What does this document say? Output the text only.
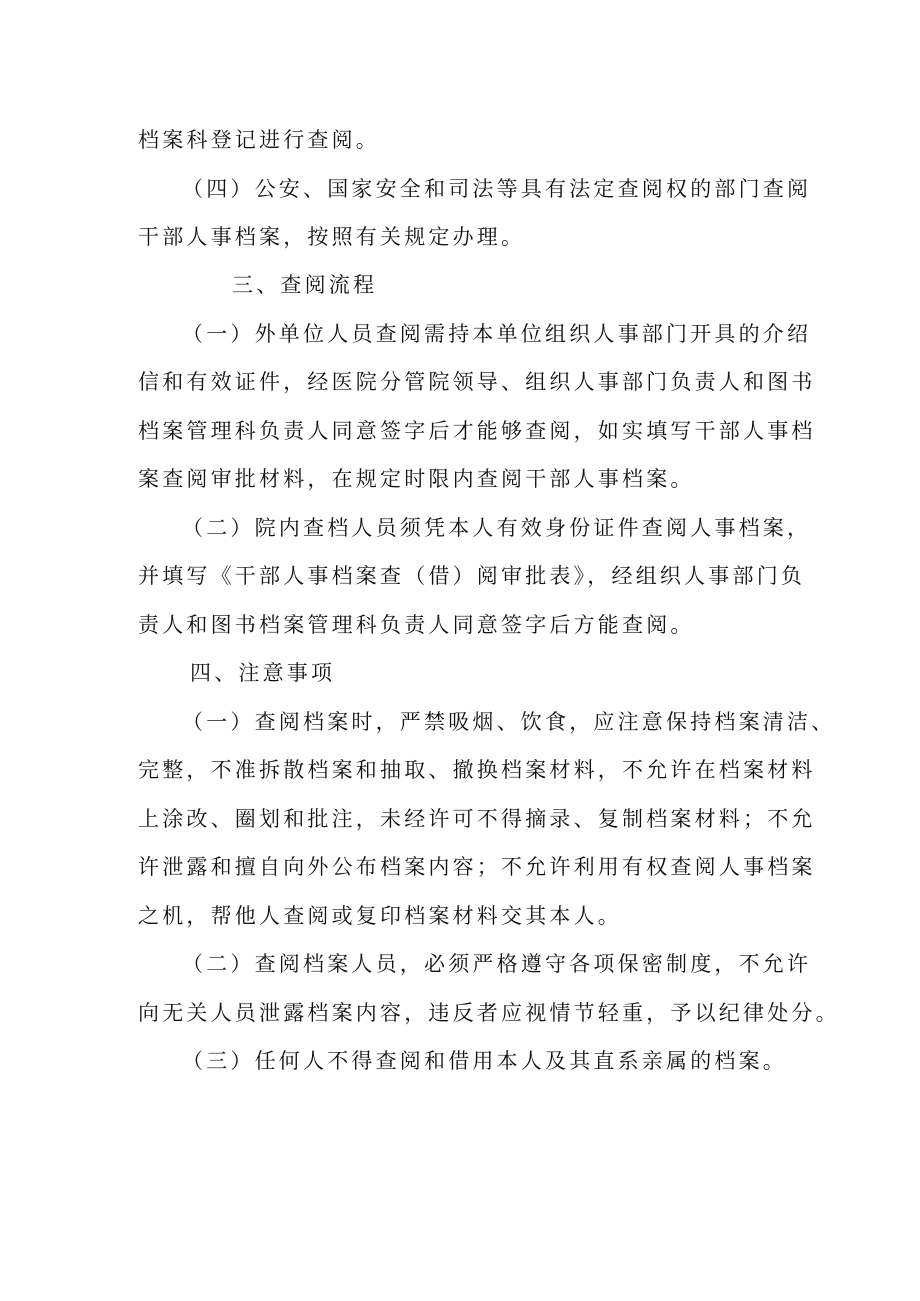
档案科登记进行查阅。
（四）公安、国家安全和司法等具有法定查阅权的部门查阅
干部人事档案，按照有关规定办理。
三、查阅流程
（一）外单位人员查阅需持本单位组织人事部门开具的介绍
信和有效证件，经医院分管院领导、组织人事部门负责人和图书
档案管理科负责人同意签字后才能够查阅，如实填写干部人事档
案查阅审批材料，在规定时限内查阅干部人事档案。
（二）院内查档人员须凭本人有效身份证件查阅人事档案，
并填写《干部人事档案查（借）阅审批表》，经组织人事部门负
责人和图书档案管理科负责人同意签字后方能查阅。
四、注意事项
（一）查阅档案时，严禁吸烟、饮食，应注意保持档案清洁、
完整，不准拆散档案和抽取、撤换档案材料，不允许在档案材料
上涂改、圈划和批注，未经许可不得摘录、复制档案材料；不允
许泄露和擅自向外公布档案内容；不允许利用有权查阅人事档案
之机，帮他人查阅或复印档案材料交其本人。
（二）查阅档案人员，必须严格遵守各项保密制度，不允许
向无关人员泄露档案内容，违反者应视情节轻重，予以纪律处分。
（三）任何人不得查阅和借用本人及其直系亲属的档案。
